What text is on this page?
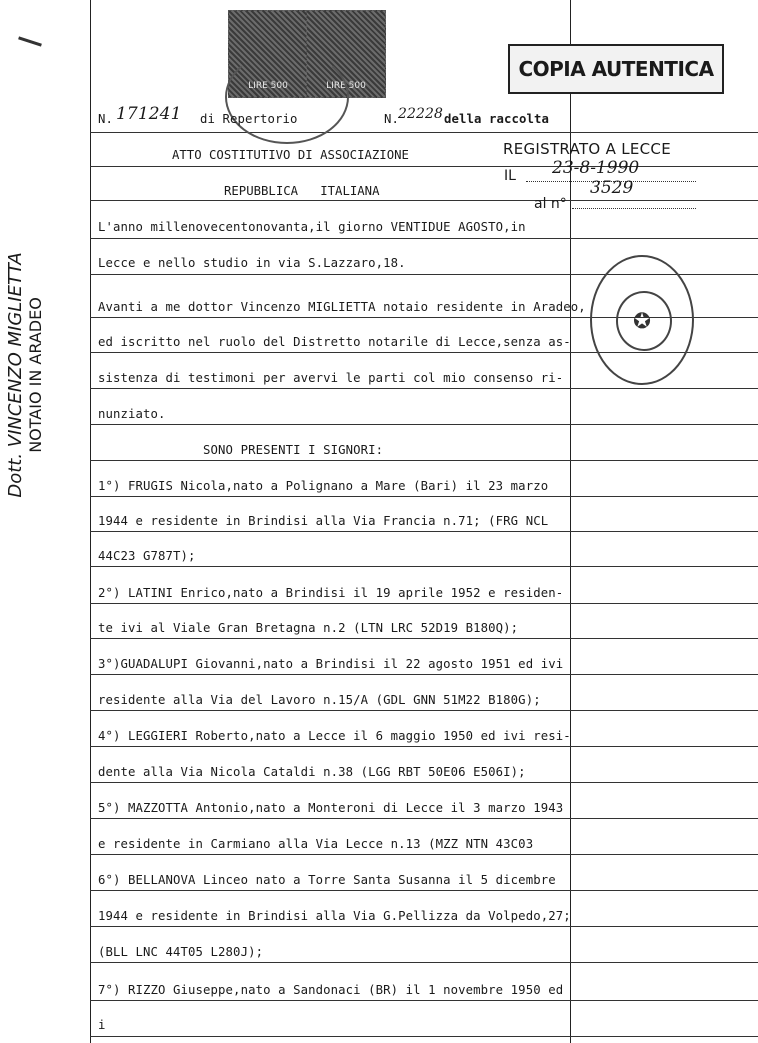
LIRE 500	LIRE 500
COPIA AUTENTICA
N. 171241 di Repertorio	N.
22228 della raccolta
ATTO COSTITUTIVO DI ASSOCIAZIONE
REPUBBLICA   ITALIANA
REGISTRATO A LECCE
IL 23-8-1990
al n°
3529
✪
Dott. VINCENZO MIGLIETTA NOTAIO IN ARADEO
L'anno millenovecentonovanta,il giorno VENTIDUE AGOSTO,in
Lecce e nello studio in via S.Lazzaro,18.
Avanti a me dottor Vincenzo MIGLIETTA notaio residente in Aradeo,
ed iscritto nel ruolo del Distretto notarile di Lecce,senza as-
sistenza di testimoni per avervi le parti col mio consenso ri-
nunziato.
SONO PRESENTI I SIGNORI:
1°) FRUGIS Nicola,nato a Polignano a Mare (Bari) il 23 marzo
1944 e residente in Brindisi alla Via Francia n.71; (FRG NCL
44C23 G787T);
2°) LATINI Enrico,nato a Brindisi il 19 aprile 1952 e residen-
te ivi al Viale Gran Bretagna n.2 (LTN LRC 52D19 B180Q);
3°)GUADALUPI Giovanni,nato a Brindisi il 22 agosto 1951 ed ivi
residente alla Via del Lavoro n.15/A (GDL GNN 51M22 B180G);
4°) LEGGIERI Roberto,nato a Lecce il 6 maggio 1950 ed ivi resi-
dente alla Via Nicola Cataldi n.38 (LGG RBT 50E06 E506I);
5°) MAZZOTTA Antonio,nato a Monteroni di Lecce il 3 marzo 1943
e residente in Carmiano alla Via Lecce n.13 (MZZ NTN 43C03
6°) BELLANOVA Linceo nato a Torre Santa Susanna il 5 dicembre
1944 e residente in Brindisi alla Via G.Pellizza da Volpedo,27;
(BLL LNC 44T05 L280J);
7°) RIZZO Giuseppe,nato a Sandonaci (BR) il 1 novembre 1950 ed
i
